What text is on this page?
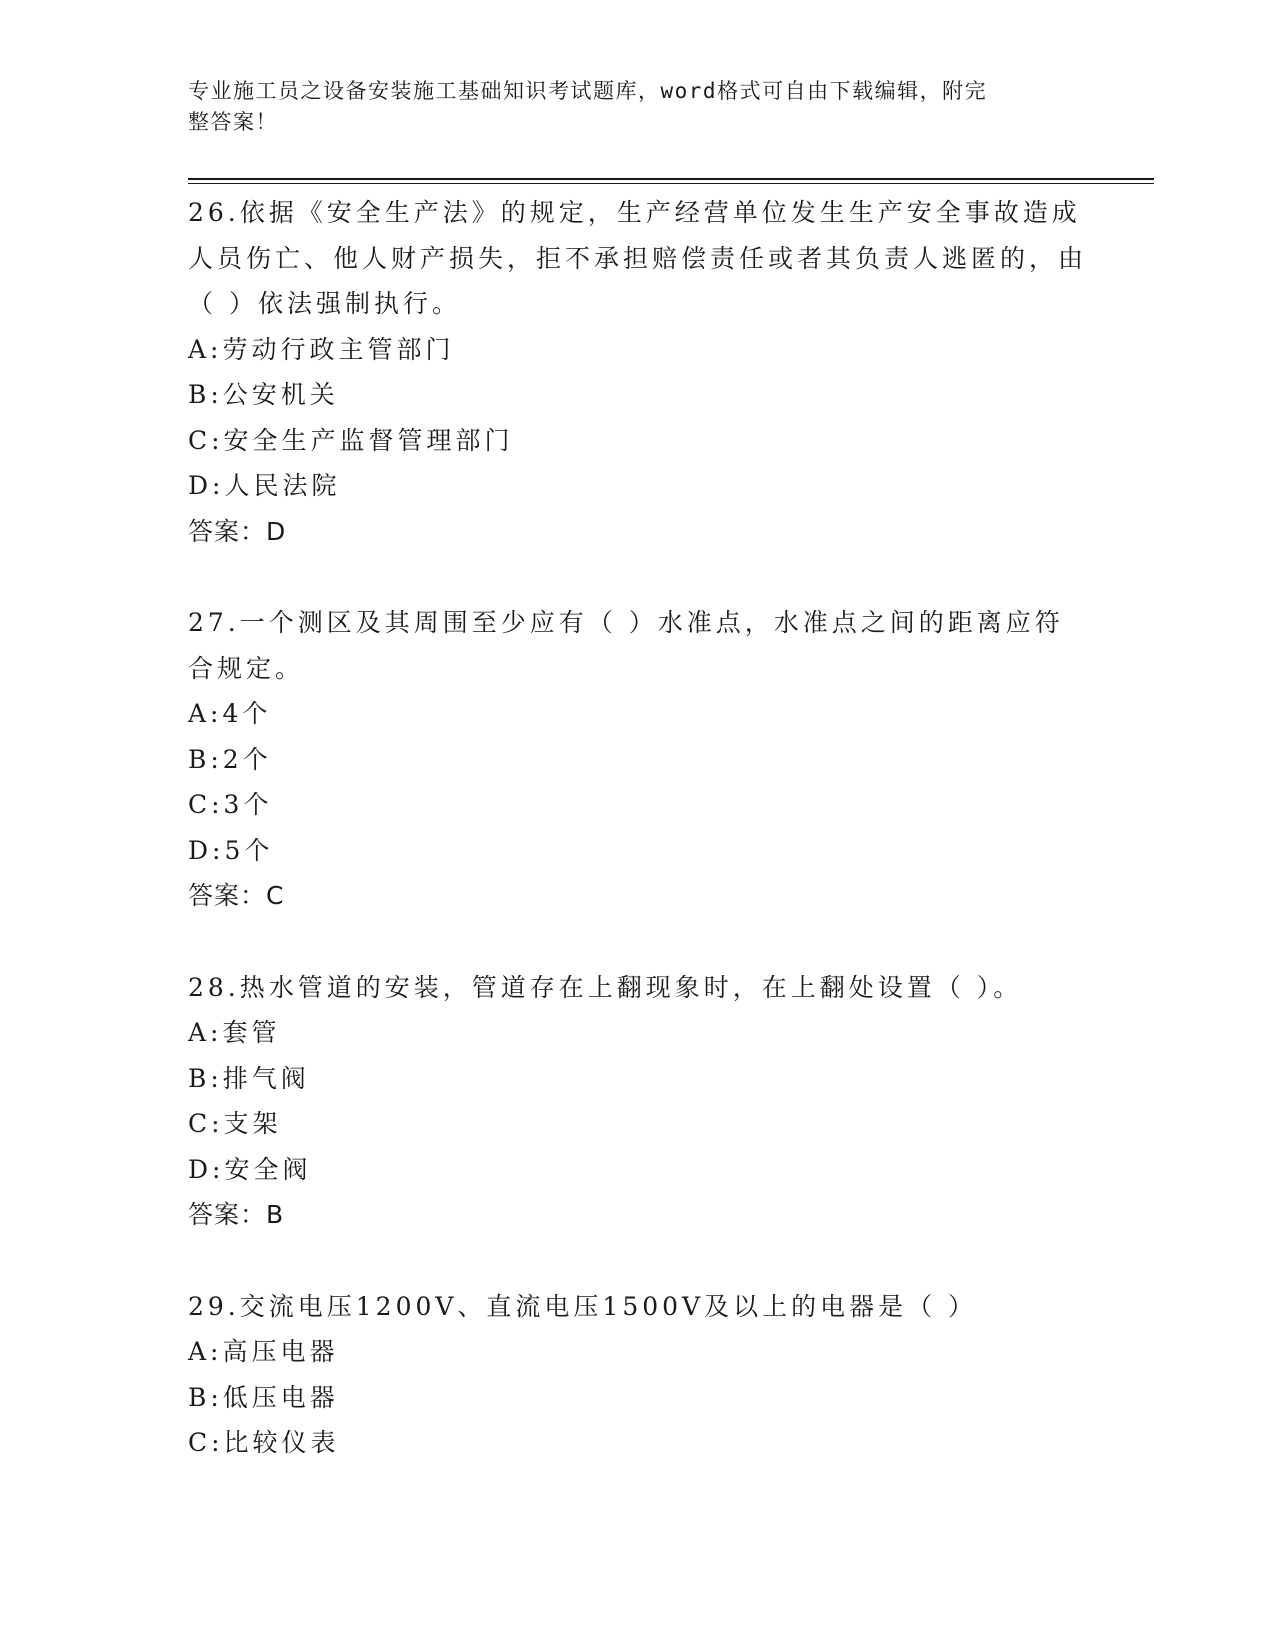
专业施工员之设备安装施工基础知识考试题库，word格式可自由下载编辑，附完
整答案！

26.依据《安全生产法》的规定，生产经营单位发生生产安全事故造成人员伤亡、他人财产损失，拒不承担赔偿责任或者其负责人逃匿的，由（ ）依法强制执行。

A:劳动行政主管部门

B:公安机关

C:安全生产监督管理部门

D:人民法院

答案：D

27.一个测区及其周围至少应有（ ）水准点，水准点之间的距离应符合规定。

A:4个

B:2个

C:3个

D:5个

答案：C

28.热水管道的安装，管道存在上翻现象时，在上翻处设置（ ）。

A:套管

B:排气阀

C:支架

D:安全阀

答案：B

29.交流电压1200V、直流电压1500V及以上的电器是（ ）

A:高压电器

B:低压电器

C:比较仪表
